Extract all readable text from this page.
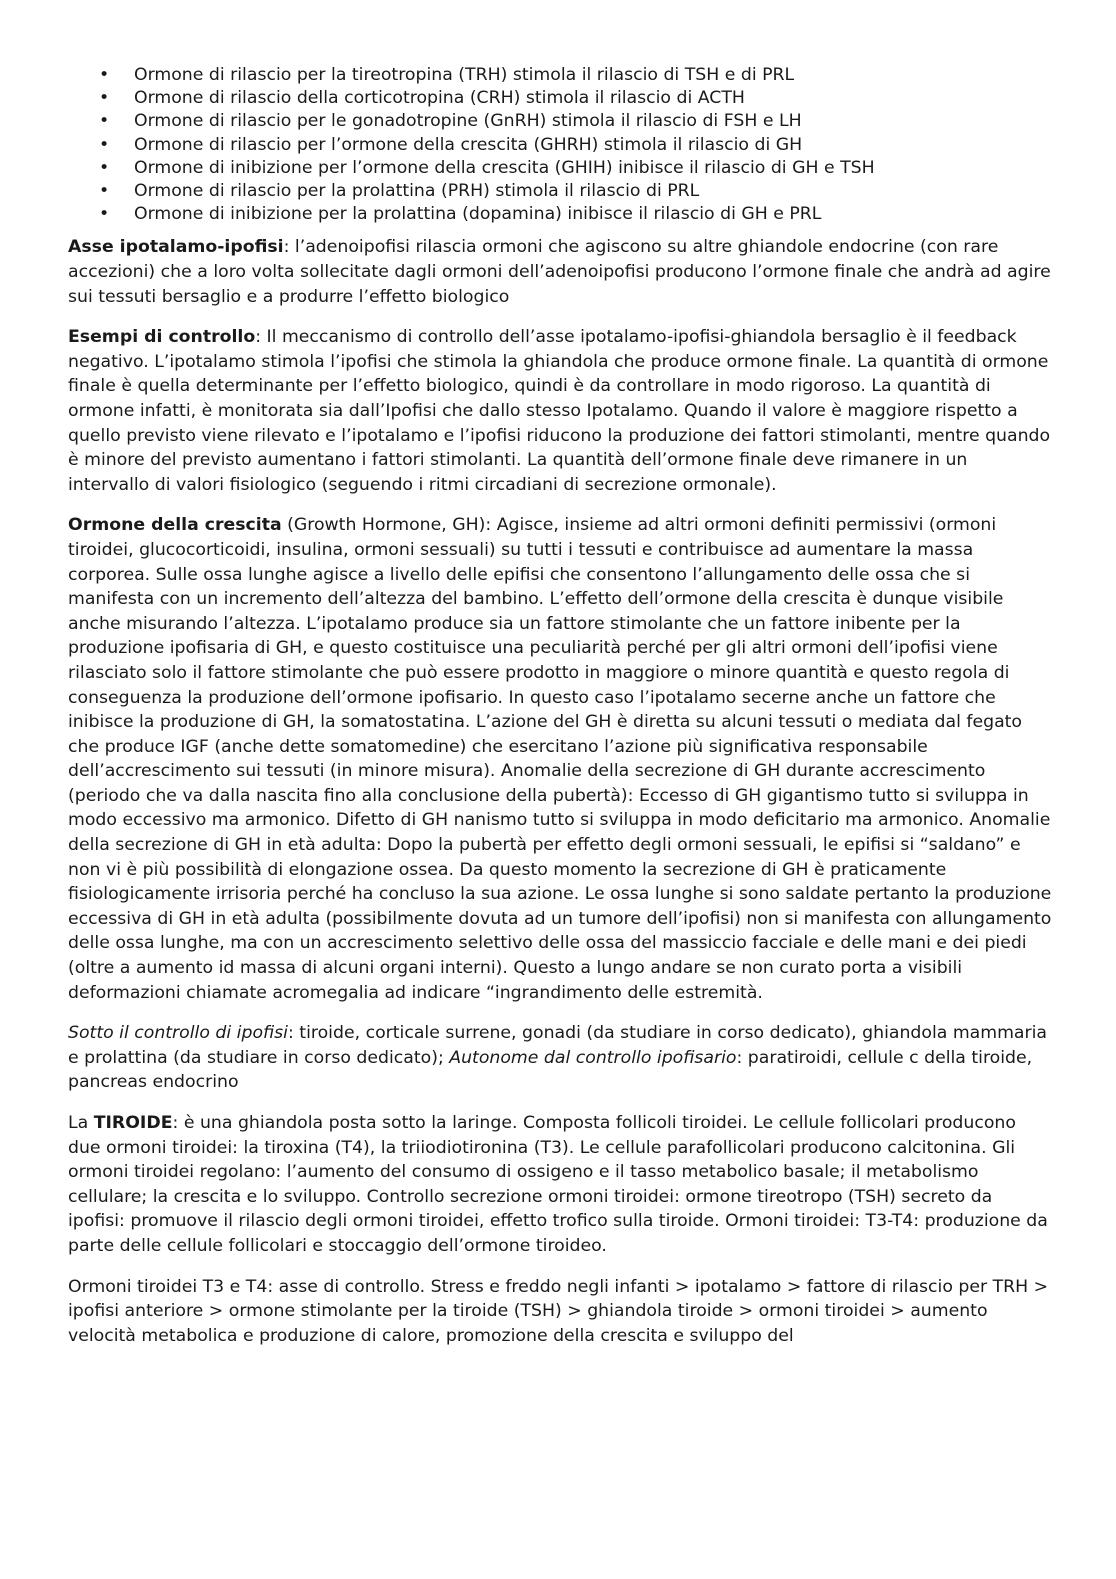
• Ormone di rilascio per la tireotropina (TRH) stimola il rilascio di TSH e di PRL
• Ormone di rilascio della corticotropina (CRH) stimola il rilascio di ACTH
• Ormone di rilascio per le gonadotropine (GnRH) stimola il rilascio di FSH e LH
• Ormone di rilascio per l’ormone della crescita (GHRH) stimola il rilascio di GH
• Ormone di inibizione per l’ormone della crescita (GHIH) inibisce il rilascio di GH e TSH
• Ormone di rilascio per la prolattina (PRH) stimola il rilascio di PRL
• Ormone di inibizione per la prolattina (dopamina) inibisce il rilascio di GH e PRL

Asse ipotalamo-ipofisi: l’adenoipofisi rilascia ormoni che agiscono su altre ghiandole endocrine (con rare accezioni) che a loro volta sollecitate dagli ormoni dell’adenoipofisi producono l’ormone finale che andrà ad agire sui tessuti bersaglio e a produrre l’effetto biologico

Esempi di controllo: Il meccanismo di controllo dell’asse ipotalamo-ipofisi-ghiandola bersaglio è il feedback negativo. L’ipotalamo stimola l’ipofisi che stimola la ghiandola che produce ormone finale. La quantità di ormone finale è quella determinante per l’effetto biologico, quindi è da controllare in modo rigoroso. La quantità di ormone infatti, è monitorata sia dall’Ipofisi che dallo stesso Ipotalamo. Quando il valore è maggiore rispetto a quello previsto viene rilevato e l’ipotalamo e l’ipofisi riducono la produzione dei fattori stimolanti, mentre quando è minore del previsto aumentano i fattori stimolanti. La quantità dell’ormone finale deve rimanere in un intervallo di valori fisiologico (seguendo i ritmi circadiani di secrezione ormonale).

Ormone della crescita (Growth Hormone, GH): Agisce, insieme ad altri ormoni definiti permissivi (ormoni tiroidei, glucocorticoidi, insulina, ormoni sessuali) su tutti i tessuti e contribuisce ad aumentare la massa corporea. Sulle ossa lunghe agisce a livello delle epifisi che consentono l’allungamento delle ossa che si manifesta con un incremento dell’altezza del bambino. L’effetto dell’ormone della crescita è dunque visibile anche misurando l’altezza. L’ipotalamo produce sia un fattore stimolante che un fattore inibente per la produzione ipofisaria di GH, e questo costituisce una peculiarità perché per gli altri ormoni dell’ipofisi viene rilasciato solo il fattore stimolante che può essere prodotto in maggiore o minore quantità e questo regola di conseguenza la produzione dell’ormone ipofisario. In questo caso l’ipotalamo secerne anche un fattore che inibisce la produzione di GH, la somatostatina. L’azione del GH è diretta su alcuni tessuti o mediata dal fegato che produce IGF (anche dette somatomedine) che esercitano l’azione più significativa responsabile dell’accrescimento sui tessuti (in minore misura). Anomalie della secrezione di GH durante accrescimento (periodo che va dalla nascita fino alla conclusione della pubertà): Eccesso di GH gigantismo tutto si sviluppa in modo eccessivo ma armonico. Difetto di GH nanismo tutto si sviluppa in modo deficitario ma armonico. Anomalie della secrezione di GH in età adulta: Dopo la pubertà per effetto degli ormoni sessuali, le epifisi si “saldano” e non vi è più possibilità di elongazione ossea. Da questo momento la secrezione di GH è praticamente fisiologicamente irrisoria perché ha concluso la sua azione. Le ossa lunghe si sono saldate pertanto la produzione eccessiva di GH in età adulta (possibilmente dovuta ad un tumore dell’ipofisi) non si manifesta con allungamento delle ossa lunghe, ma con un accrescimento selettivo delle ossa del massiccio facciale e delle mani e dei piedi (oltre a aumento id massa di alcuni organi interni). Questo a lungo andare se non curato porta a visibili deformazioni chiamate acromegalia ad indicare “ingrandimento delle estremità.

Sotto il controllo di ipofisi: tiroide, corticale surrene, gonadi (da studiare in corso dedicato), ghiandola mammaria e prolattina (da studiare in corso dedicato); Autonome dal controllo ipofisario: paratiroidi, cellule c della tiroide, pancreas endocrino

La TIROIDE: è una ghiandola posta sotto la laringe. Composta follicoli tiroidei. Le cellule follicolari producono due ormoni tiroidei: la tiroxina (T4), la triiodiotironina (T3). Le cellule parafollicolari producono calcitonina. Gli ormoni tiroidei regolano: l’aumento del consumo di ossigeno e il tasso metabolico basale; il metabolismo cellulare; la crescita e lo sviluppo. Controllo secrezione ormoni tiroidei: ormone tireotropo (TSH) secreto da ipofisi: promuove il rilascio degli ormoni tiroidei, effetto trofico sulla tiroide. Ormoni tiroidei: T3-T4: produzione da parte delle cellule follicolari e stoccaggio dell’ormone tiroideo.

Ormoni tiroidei T3 e T4: asse di controllo. Stress e freddo negli infanti > ipotalamo > fattore di rilascio per TRH > ipofisi anteriore > ormone stimolante per la tiroide (TSH) > ghiandola tiroide > ormoni tiroidei > aumento velocità metabolica e produzione di calore, promozione della crescita e sviluppo del
